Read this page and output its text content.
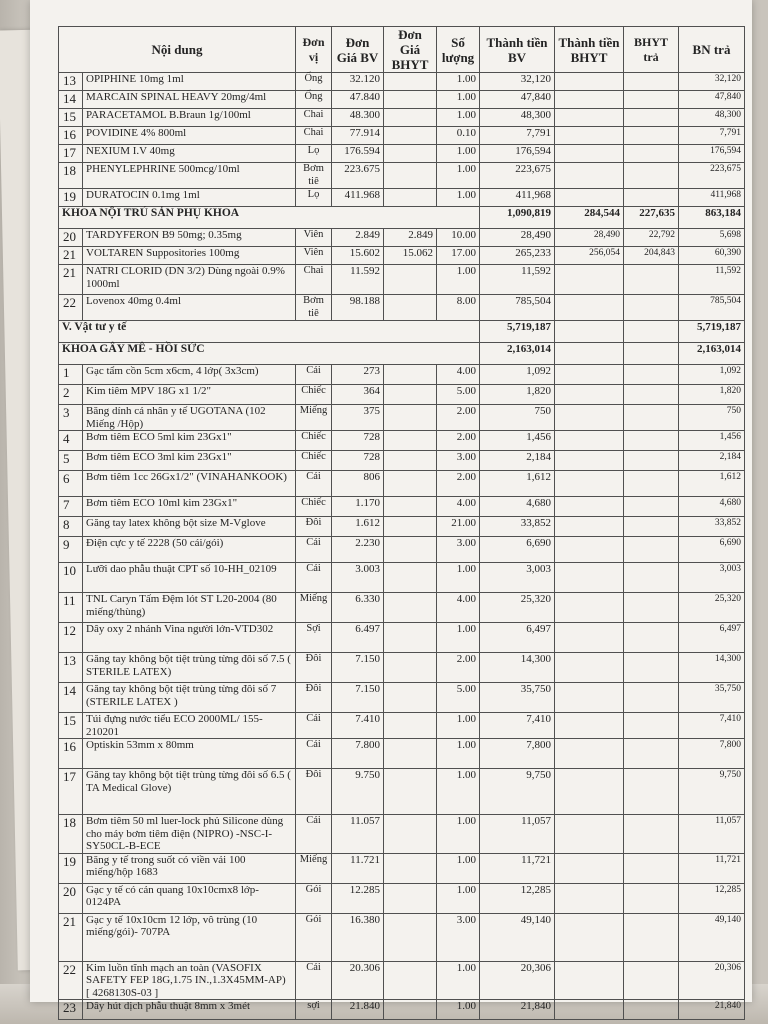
Nội dung		Đơn vị	Đơn Giá BV	Đơn Giá BHYT	Số lượng	Thành tiền BV	Thành tiền BHYT	BHYT trả	BN trả
13	OPIPHINE 10mg 1ml	Ống	32.120		1.00	32,120			32,120
14	MARCAIN SPINAL HEAVY 20mg/4ml	Ống	47.840		1.00	47,840			47,840
15	PARACETAMOL B.Braun 1g/100ml	Chai	48.300		1.00	48,300			48,300
16	POVIDINE 4% 800ml	Chai	77.914		0.10	7,791			7,791
17	NEXIUM I.V 40mg	Lọ	176.594		1.00	176,594			176,594
18	PHENYLEPHRINE 500mcg/10ml	Bơm tiê	223.675		1.00	223,675			223,675
19	DURATOCIN 0.1mg 1ml	Lọ	411.968		1.00	411,968			411,968
KHOA NỘI TRÚ SẢN PHỤ KHOA						1,090,819	284,544	227,635	863,184
20	TARDYFERON B9 50mg; 0.35mg	Viên	2.849	2.849	10.00	28,490	28,490	22,792	5,698
21	VOLTAREN Suppositories 100mg	Viên	15.602	15.062	17.00	265,233	256,054	204,843	60,390
21	NATRI CLORID (DN 3/2) Dùng ngoài 0.9% 1000ml	Chai	11.592		1.00	11,592			11,592
22	Lovenox 40mg 0.4ml	Bơm tiê	98.188		8.00	785,504			785,504
V. Vật tư y tế						5,719,187			5,719,187
KHOA GÂY MÊ - HỒI SỨC						2,163,014			2,163,014
1	Gạc tẩm cồn 5cm x6cm, 4 lớp( 3x3cm)	Cái	273		4.00	1,092			1,092
2	Kim tiêm MPV 18G x1 1/2"	Chiếc	364		5.00	1,820			1,820
3	Băng dính cá nhân y tế UGOTANA (102 Miếng /Hộp)	Miếng	375		2.00	750			750
4	Bơm tiêm ECO 5ml kim 23Gx1"	Chiếc	728		2.00	1,456			1,456
5	Bơm tiêm ECO 3ml kim 23Gx1"	Chiếc	728		3.00	2,184			2,184
6	Bơm tiêm 1cc 26Gx1/2" (VINAHANKOOK)	Cái	806		2.00	1,612			1,612
7	Bơm tiêm ECO 10ml kim 23Gx1"	Chiếc	1.170		4.00	4,680			4,680
8	Găng tay latex không bột size M-Vglove	Đôi	1.612		21.00	33,852			33,852
9	Điện cực y tế 2228 (50 cái/gói)	Cái	2.230		3.00	6,690			6,690
10	Lưỡi dao phẫu thuật CPT số 10-HH_02109	Cái	3.003		1.00	3,003			3,003
11	TNL Caryn Tấm Đệm lót ST L20-2004 (80 miếng/thùng)	Miếng	6.330		4.00	25,320			25,320
12	Dây oxy 2 nhánh Vina người lớn-VTD302	Sợi	6.497		1.00	6,497			6,497
13	Găng tay không bột tiệt trùng từng đôi số 7.5 ( STERILE LATEX)	Đôi	7.150		2.00	14,300			14,300
14	Găng tay không bột tiệt trùng từng đôi số 7 (STERILE LATEX )	Đôi	7.150		5.00	35,750			35,750
15	Túi đựng nước tiểu ECO 2000ML/ 155-210201	Cái	7.410		1.00	7,410			7,410
16	Optiskin 53mm x 80mm	Cái	7.800		1.00	7,800			7,800
17	Găng tay không bột tiệt trùng từng đôi số 6.5 ( TA Medical Glove)	Đôi	9.750		1.00	9,750			9,750
18	Bơm tiêm 50 ml luer-lock phủ Silicone dùng cho máy bơm tiêm điện (NIPRO) -NSC-I-SY50CL-B-ECE	Cái	11.057		1.00	11,057			11,057
19	Băng y tế trong suốt có viền vải 100 miếng/hộp 1683	Miếng	11.721		1.00	11,721			11,721
20	Gạc y tế có cản quang 10x10cmx8 lớp-0124PA	Gói	12.285		1.00	12,285			12,285
21	Gạc y tế 10x10cm 12 lớp, vô trùng (10 miếng/gói)- 707PA	Gói	16.380		3.00	49,140			49,140
22	Kim luồn tĩnh mạch an toàn (VASOFIX SAFETY FEP 18G,1.75 IN.,1.3X45MM-AP) [ 4268130S-03 ]	Cái	20.306		1.00	20,306			20,306
23	Dây hút dịch phẫu thuật 8mm x 3mét	sợi	21.840		1.00	21,840			21,840
